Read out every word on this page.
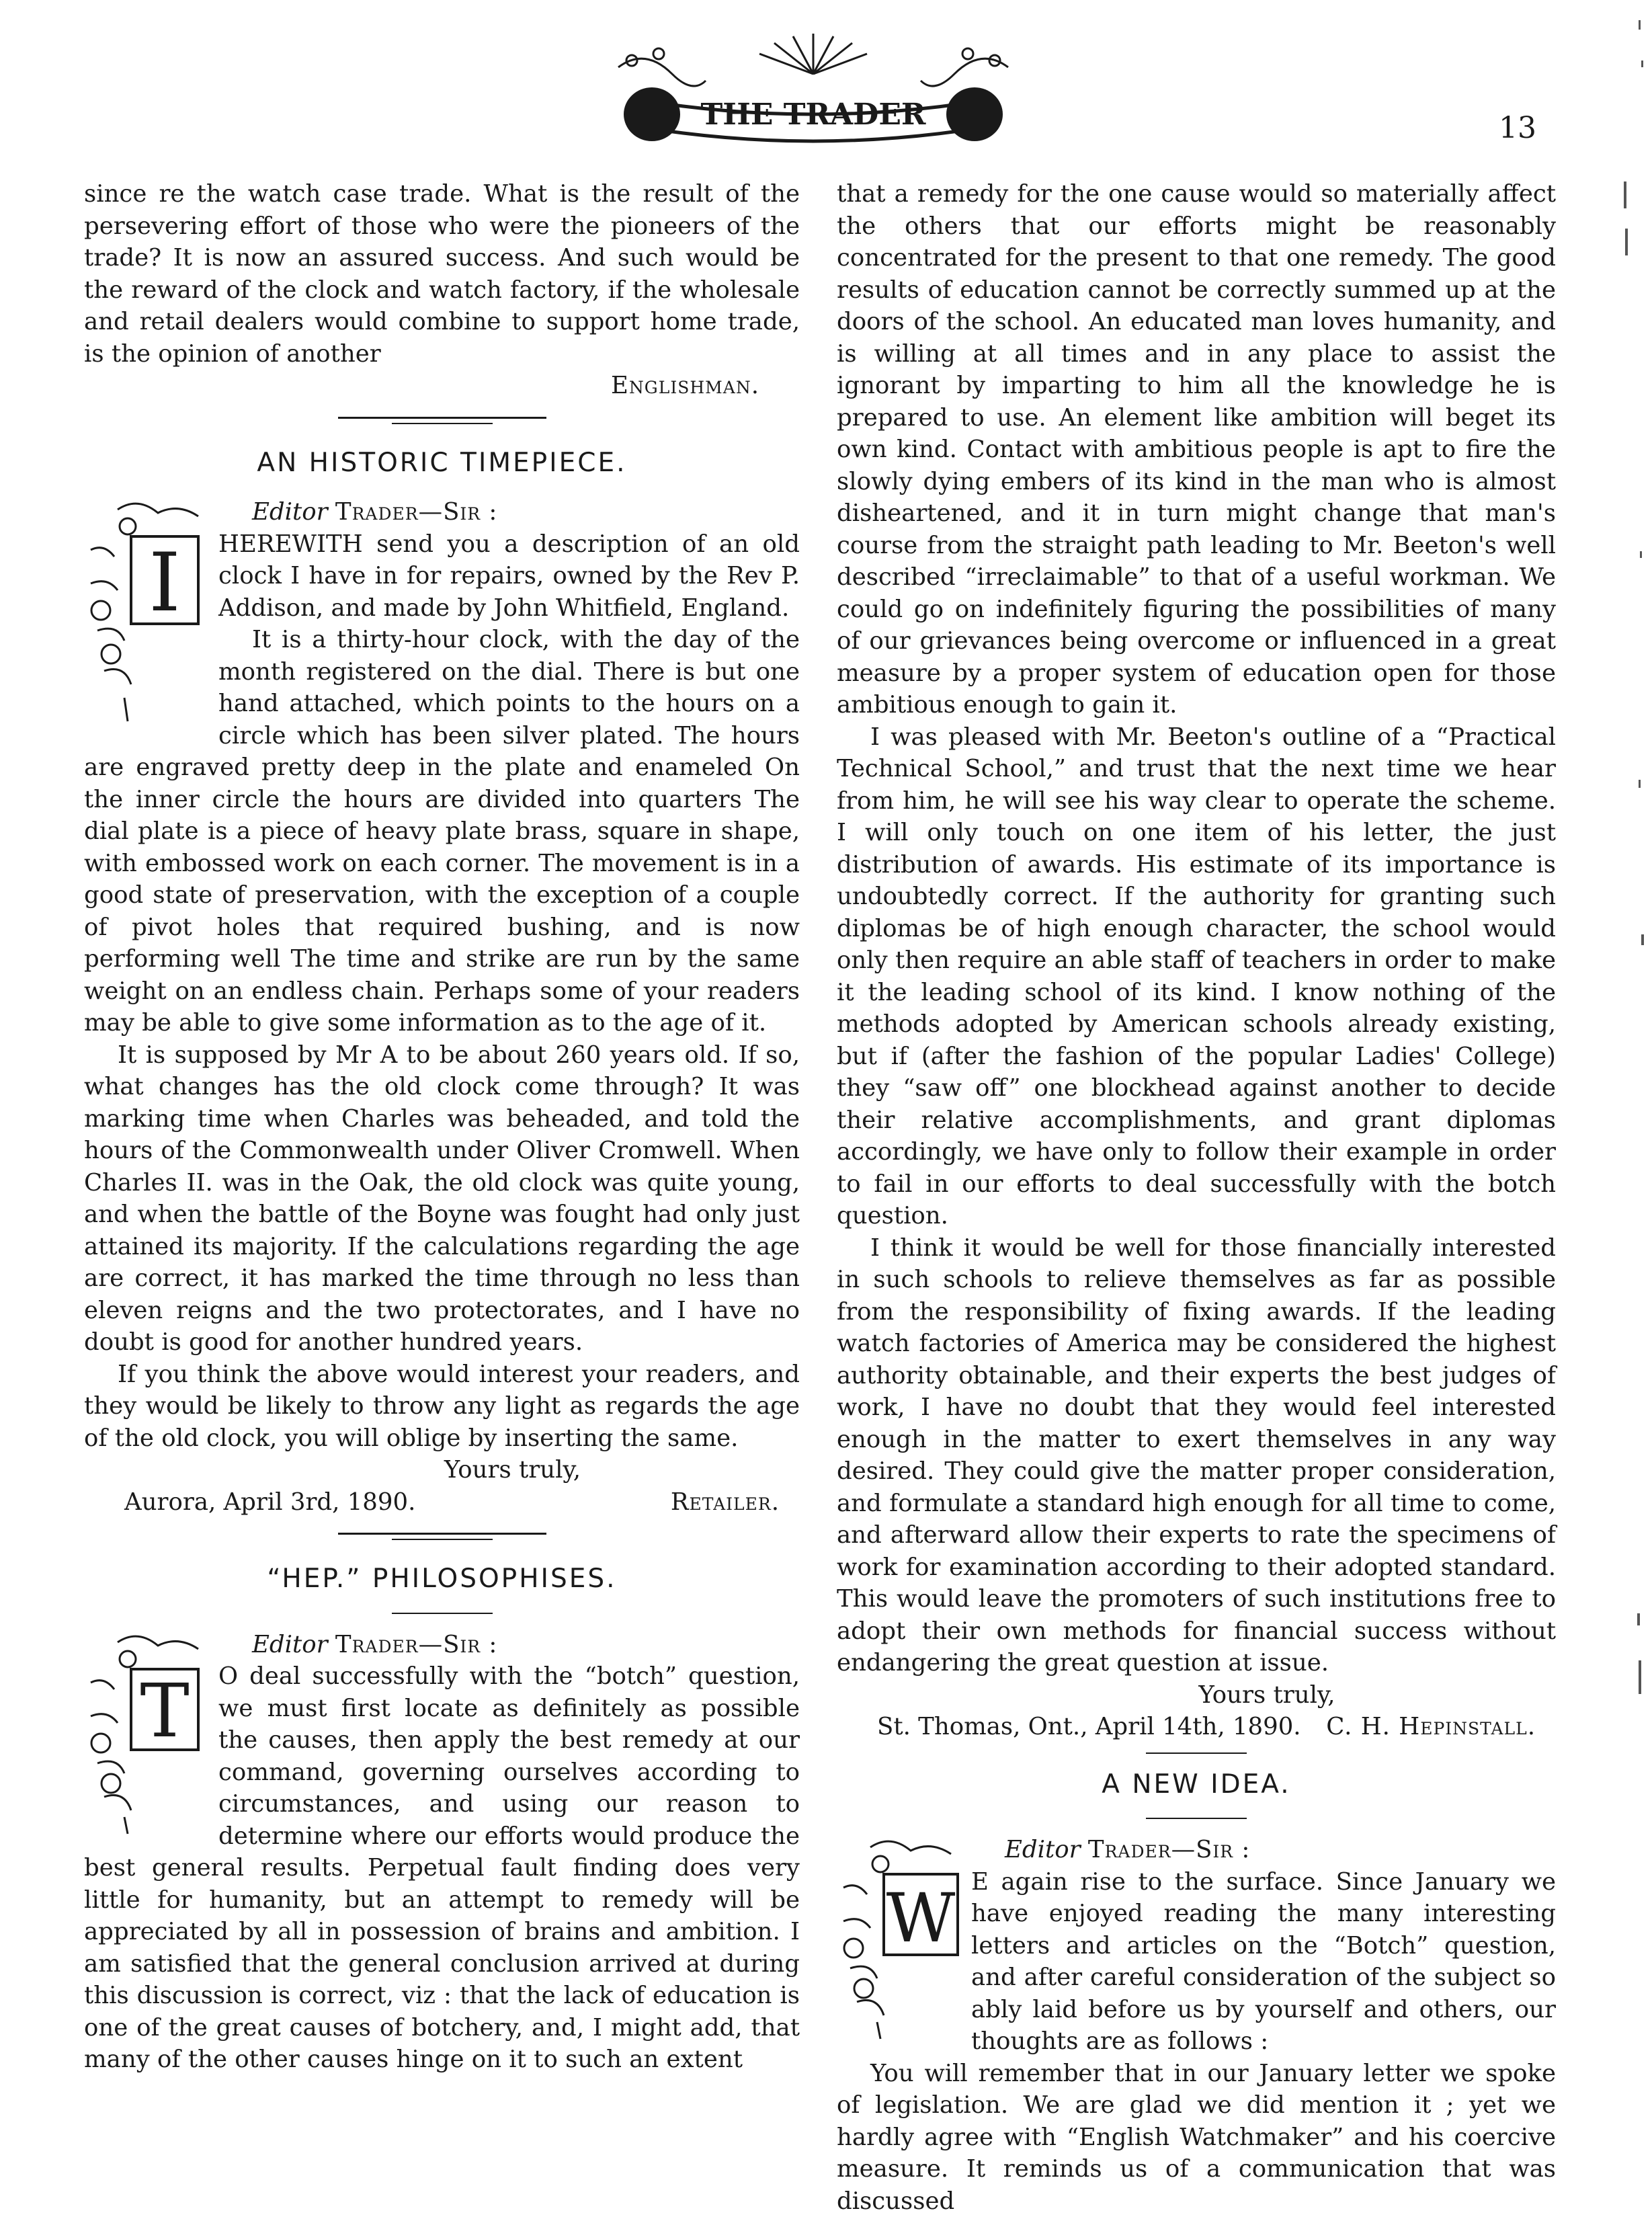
THE TRADER	13

since re the watch case trade. What is the result of the persevering effort of those who were the pioneers of the trade? It is now an assured success. And such would be the reward of the clock and watch factory, if the wholesale and retail dealers would combine to support home trade, is the opinion of another

Englishman.

AN HISTORIC TIMEPIECE.
I

Editor Trader—Sir :

HEREWITH send you a description of an old clock I have in for repairs, owned by the Rev P. Addison, and made by John Whitfield, England.

It is a thirty-hour clock, with the day of the month registered on the dial. There is but one hand attached, which points to the hours on a circle which has been silver plated. The hours are engraved pretty deep in the plate and enameled On the inner circle the hours are divided into quarters The dial plate is a piece of heavy plate brass, square in shape, with embossed work on each corner. The movement is in a good state of preservation, with the exception of a couple of pivot holes that required bushing, and is now performing well The time and strike are run by the same weight on an endless chain. Perhaps some of your readers may be able to give some information as to the age of it.

It is supposed by Mr A to be about 260 years old. If so, what changes has the old clock come through? It was marking time when Charles was beheaded, and told the hours of the Commonwealth under Oliver Cromwell. When Charles II. was in the Oak, the old clock was quite young, and when the battle of the Boyne was fought had only just attained its majority. If the calculations regarding the age are correct, it has marked the time through no less than eleven reigns and the two protectorates, and I have no doubt is good for another hundred years.

If you think the above would interest your readers, and they would be likely to throw any light as regards the age of the old clock, you will oblige by inserting the same.

Yours truly,

Aurora, April 3rd, 1890.	Retailer.
“HEP.” PHILOSOPHISES.
T

Editor Trader—Sir :

O deal successfully with the “botch” question, we must first locate as definitely as possible the causes, then apply the best remedy at our command, governing ourselves according to circumstances, and using our reason to determine where our efforts would produce the best general results. Perpetual fault finding does very little for humanity, but an attempt to remedy will be appreciated by all in possession of brains and ambition. I am satisfied that the general conclusion arrived at during this discussion is correct, viz : that the lack of education is one of the great causes of botchery, and, I might add, that many of the other causes hinge on it to such an extent

that a remedy for the one cause would so materially affect the others that our efforts might be reasonably concentrated for the present to that one remedy. The good results of education cannot be correctly summed up at the doors of the school. An educated man loves humanity, and is willing at all times and in any place to assist the ignorant by imparting to him all the knowledge he is prepared to use. An element like ambition will beget its own kind. Contact with ambitious people is apt to fire the slowly dying embers of its kind in the man who is almost disheartened, and it in turn might change that man's course from the straight path leading to Mr. Beeton's well described “irreclaimable” to that of a useful workman. We could go on indefinitely figuring the possibilities of many of our grievances being overcome or influenced in a great measure by a proper system of education open for those ambitious enough to gain it.

I was pleased with Mr. Beeton's outline of a “Practical Technical School,” and trust that the next time we hear from him, he will see his way clear to operate the scheme. I will only touch on one item of his letter, the just distribution of awards. His estimate of its importance is undoubtedly correct. If the authority for granting such diplomas be of high enough character, the school would only then require an able staff of teachers in order to make it the leading school of its kind. I know nothing of the methods adopted by American schools already existing, but if (after the fashion of the popular Ladies' College) they “saw off” one blockhead against another to decide their relative accomplishments, and grant diplomas accordingly, we have only to follow their example in order to fail in our efforts to deal successfully with the botch question.

I think it would be well for those financially interested in such schools to relieve themselves as far as possible from the responsibility of fixing awards. If the leading watch factories of America may be considered the highest authority obtainable, and their experts the best judges of work, I have no doubt that they would feel interested enough in the matter to exert themselves in any way desired. They could give the matter proper consideration, and formulate a standard high enough for all time to come, and afterward allow their experts to rate the specimens of work for examination according to their adopted standard. This would leave the promoters of such institutions free to adopt their own methods for financial success without endangering the great question at issue.

Yours truly,

St. Thomas, Ont., April 14th, 1890. C. H. Hepinstall.
A NEW IDEA.
W

Editor Trader—Sir :

E again rise to the surface. Since January we have enjoyed reading the many interesting letters and articles on the “Botch” question, and after careful consideration of the subject so ably laid before us by yourself and others, our thoughts are as follows :

You will remember that in our January letter we spoke of legislation. We are glad we did mention it ; yet we hardly agree with “English Watchmaker” and his coercive measure. It reminds us of a communication that was discussed
